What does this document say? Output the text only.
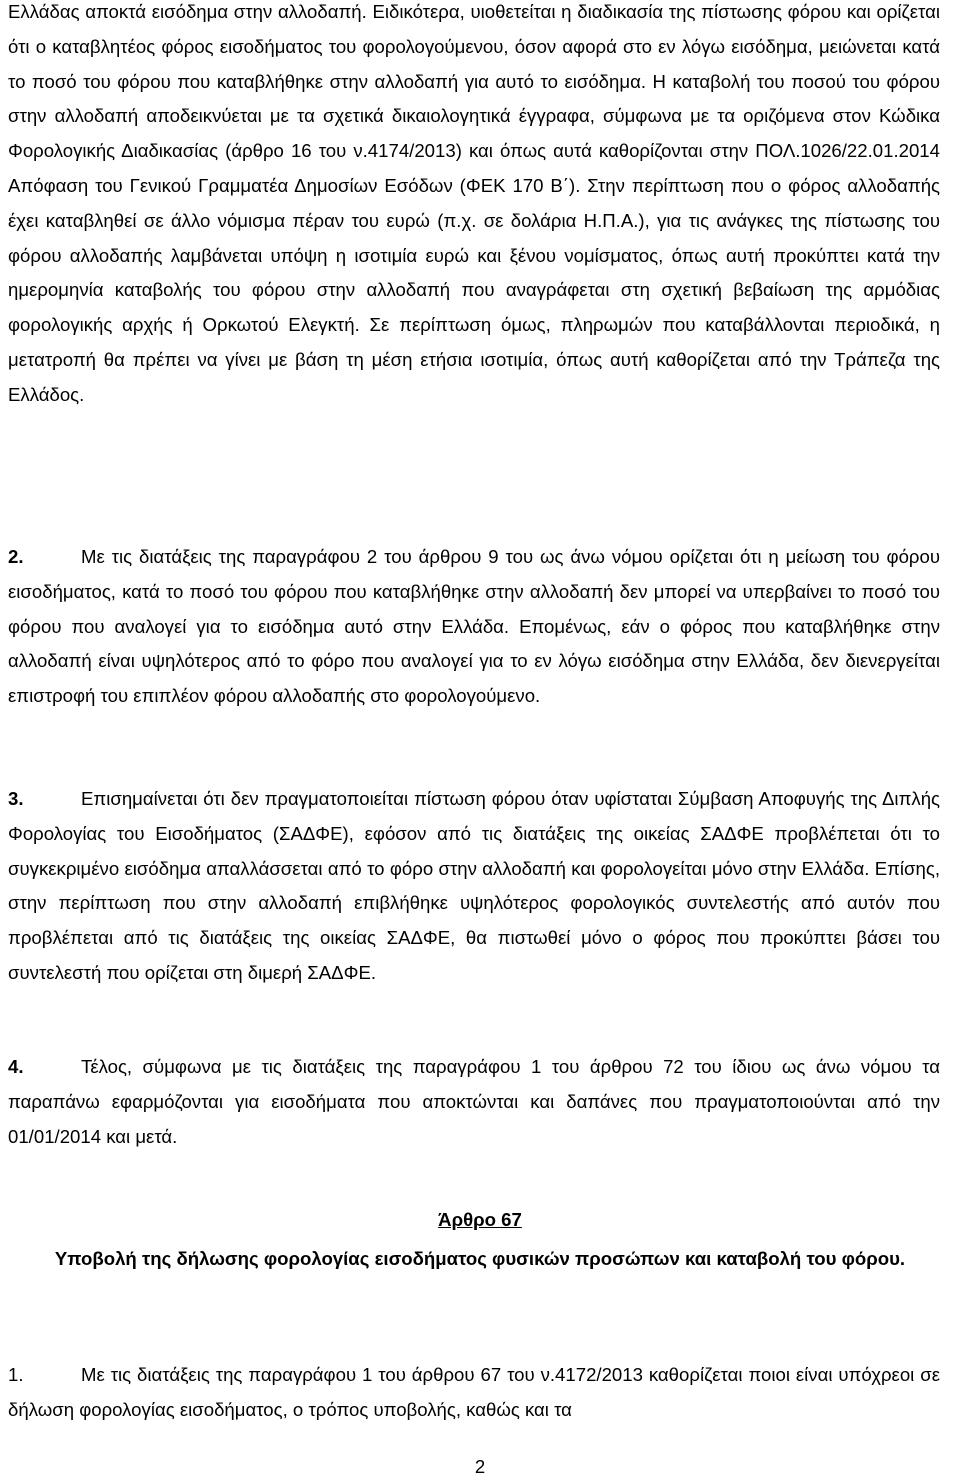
Ελλάδας αποκτά εισόδημα στην αλλοδαπή. Ειδικότερα, υιοθετείται η διαδικασία της πίστωσης φόρου και ορίζεται ότι ο καταβλητέος φόρος εισοδήματος του φορολογούμενου, όσον αφορά στο εν λόγω εισόδημα, μειώνεται κατά το ποσό του φόρου που καταβλήθηκε στην αλλοδαπή για αυτό το εισόδημα. Η καταβολή του ποσού του φόρου στην αλλοδαπή αποδεικνύεται με τα σχετικά δικαιολογητικά έγγραφα, σύμφωνα με τα οριζόμενα στον Κώδικα Φορολογικής Διαδικασίας (άρθρο 16 του ν.4174/2013) και όπως αυτά καθορίζονται στην ΠΟΛ.1026/22.01.2014 Απόφαση του Γενικού Γραμματέα Δημοσίων Εσόδων (ΦΕΚ 170 Β΄). Στην περίπτωση που ο φόρος αλλοδαπής έχει καταβληθεί σε άλλο νόμισμα πέραν του ευρώ (π.χ. σε δολάρια Η.Π.Α.), για τις ανάγκες της πίστωσης του φόρου αλλοδαπής λαμβάνεται υπόψη η ισοτιμία ευρώ και ξένου νομίσματος, όπως αυτή προκύπτει κατά την ημερομηνία καταβολής του φόρου στην αλλοδαπή που αναγράφεται στη σχετική βεβαίωση της αρμόδιας φορολογικής αρχής ή Ορκωτού Ελεγκτή. Σε περίπτωση όμως, πληρωμών που καταβάλλονται περιοδικά, η μετατροπή θα πρέπει να γίνει με βάση τη μέση ετήσια ισοτιμία, όπως αυτή καθορίζεται από την Τράπεζα της Ελλάδος.
2.	Με τις διατάξεις της παραγράφου 2 του άρθρου 9 του ως άνω νόμου ορίζεται ότι η μείωση του φόρου εισοδήματος, κατά το ποσό του φόρου που καταβλήθηκε στην αλλοδαπή δεν μπορεί να υπερβαίνει το ποσό του φόρου που αναλογεί για το εισόδημα αυτό στην Ελλάδα. Επομένως, εάν ο φόρος που καταβλήθηκε στην αλλοδαπή είναι υψηλότερος από το φόρο που αναλογεί για το εν λόγω εισόδημα στην Ελλάδα, δεν διενεργείται επιστροφή του επιπλέον φόρου αλλοδαπής στο φορολογούμενο.
3.	Επισημαίνεται ότι δεν πραγματοποιείται πίστωση φόρου όταν υφίσταται Σύμβαση Αποφυγής της Διπλής Φορολογίας του Εισοδήματος (ΣΑΔΦΕ), εφόσον από τις διατάξεις της οικείας ΣΑΔΦΕ προβλέπεται ότι το συγκεκριμένο εισόδημα απαλλάσσεται από το φόρο στην αλλοδαπή και φορολογείται μόνο στην Ελλάδα. Επίσης, στην περίπτωση που στην αλλοδαπή επιβλήθηκε υψηλότερος φορολογικός συντελεστής από αυτόν που προβλέπεται από τις διατάξεις της οικείας ΣΑΔΦΕ, θα πιστωθεί μόνο ο φόρος που προκύπτει βάσει του συντελεστή που ορίζεται στη διμερή ΣΑΔΦΕ.
4.	Τέλος, σύμφωνα με τις διατάξεις της παραγράφου 1 του άρθρου 72 του ίδιου ως άνω νόμου τα παραπάνω εφαρμόζονται για εισοδήματα που αποκτώνται και δαπάνες που πραγματοποιούνται από την 01/01/2014 και μετά.
Άρθρο 67
Υποβολή της δήλωσης φορολογίας εισοδήματος φυσικών προσώπων και καταβολή του φόρου.
1.	Με τις διατάξεις της παραγράφου 1 του άρθρου 67 του ν.4172/2013 καθορίζεται ποιοι είναι υπόχρεοι σε δήλωση φορολογίας εισοδήματος, ο τρόπος υποβολής, καθώς και τα
2
